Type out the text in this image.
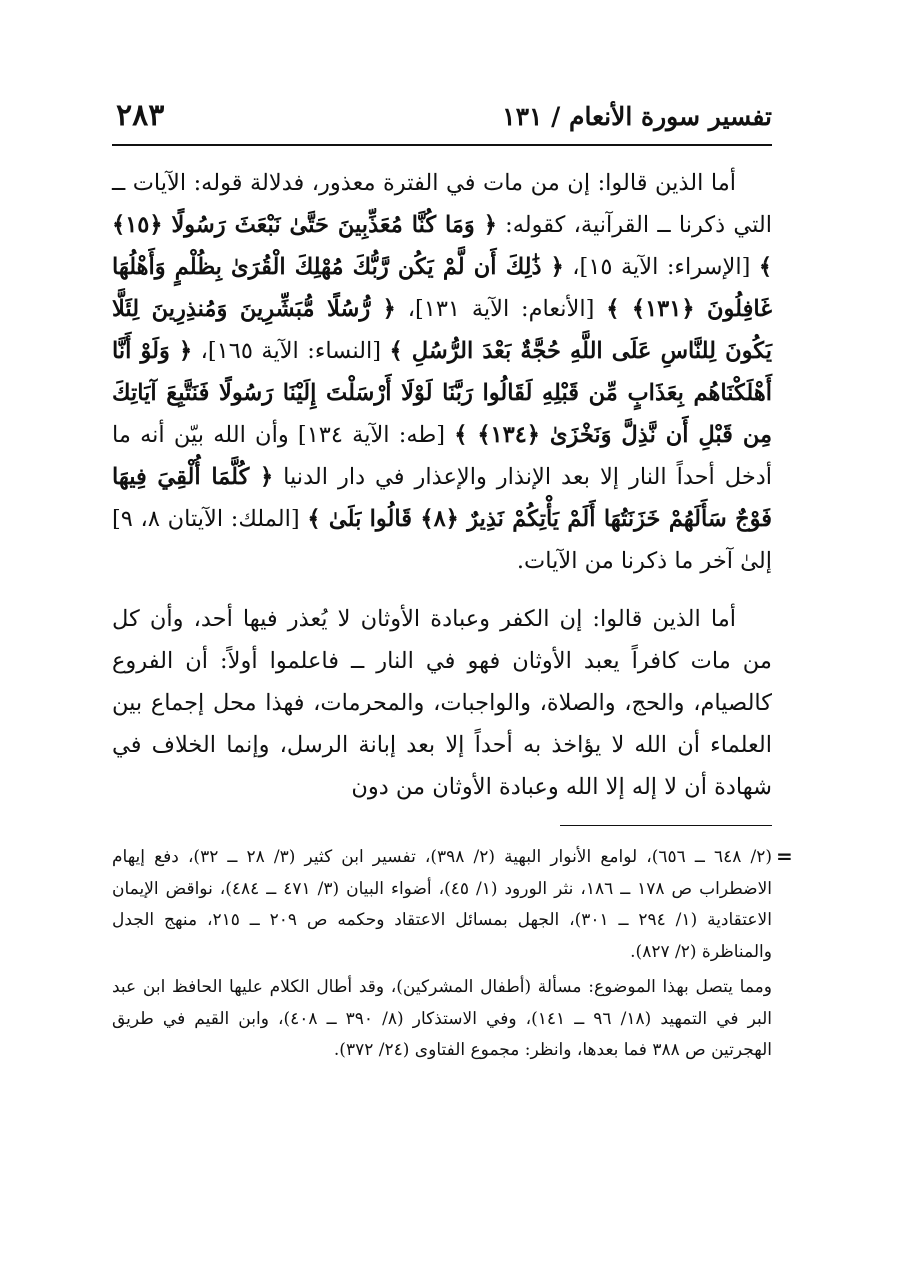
تفسير سورة الأنعام / ١٣١
٢٨٣

أما الذين قالوا: إن من مات في الفترة معذور، فدلالة قوله: الآيات ــ التي ذكرنا ــ القرآنية، كقوله: ﴿ وَمَا كُنَّا مُعَذِّبِينَ حَتَّىٰ نَبْعَثَ رَسُولًا ﴿١٥﴾ ﴾ [الإسراء: الآية ١٥]، ﴿ ذَٰلِكَ أَن لَّمْ يَكُن رَّبُّكَ مُهْلِكَ الْقُرَىٰ بِظُلْمٍ وَأَهْلُهَا غَافِلُونَ ﴿١٣١﴾ ﴾ [الأنعام: الآية ١٣١]، ﴿ رُّسُلًا مُّبَشِّرِينَ وَمُنذِرِينَ لِئَلَّا يَكُونَ لِلنَّاسِ عَلَى اللَّهِ حُجَّةٌ بَعْدَ الرُّسُلِ ﴾ [النساء: الآية ١٦٥]، ﴿ وَلَوْ أَنَّا أَهْلَكْنَاهُم بِعَذَابٍ مِّن قَبْلِهِ لَقَالُوا رَبَّنَا لَوْلَا أَرْسَلْتَ إِلَيْنَا رَسُولًا فَنَتَّبِعَ آيَاتِكَ مِن قَبْلِ أَن نَّذِلَّ وَنَخْزَىٰ ﴿١٣٤﴾ ﴾ [طه: الآية ١٣٤] وأن الله بيّن أنه ما أدخل أحداً النار إلا بعد الإنذار والإعذار في دار الدنيا ﴿ كُلَّمَا أُلْقِيَ فِيهَا فَوْجٌ سَأَلَهُمْ خَزَنَتُهَا أَلَمْ يَأْتِكُمْ نَذِيرٌ ﴿٨﴾ قَالُوا بَلَىٰ ﴾ [الملك: الآيتان ٨، ٩] إلىٰ آخر ما ذكرنا من الآيات.

أما الذين قالوا: إن الكفر وعبادة الأوثان لا يُعذر فيها أحد، وأن كل من مات كافراً يعبد الأوثان فهو في النار ــ فاعلموا أولاً: أن الفروع كالصيام، والحج، والصلاة، والواجبات، والمحرمات، فهذا محل إجماع بين العلماء أن الله لا يؤاخذ به أحداً إلا بعد إبانة الرسل، وإنما الخلاف في شهادة أن لا إله إلا الله وعبادة الأوثان من دون

=

(٢/ ٦٤٨ ــ ٦٥٦)، لوامع الأنوار البهية (٢/ ٣٩٨)، تفسير ابن كثير (٣/ ٢٨ ــ ٣٢)، دفع إيهام الاضطراب ص ١٧٨ ــ ١٨٦، نثر الورود (١/ ٤٥)، أضواء البيان (٣/ ٤٧١ ــ ٤٨٤)، نواقض الإيمان الاعتقادية (١/ ٢٩٤ ــ ٣٠١)، الجهل بمسائل الاعتقاد وحكمه ص ٢٠٩ ــ ٢١٥، منهج الجدل والمناظرة (٢/ ٨٢٧).

ومما يتصل بهذا الموضوع: مسألة (أطفال المشركين)، وقد أطال الكلام عليها الحافظ ابن عبد البر في التمهيد (١٨/ ٩٦ ــ ١٤١)، وفي الاستذكار (٨/ ٣٩٠ ــ ٤٠٨)، وابن القيم في طريق الهجرتين ص ٣٨٨ فما بعدها، وانظر: مجموع الفتاوى (٢٤/ ٣٧٢).
